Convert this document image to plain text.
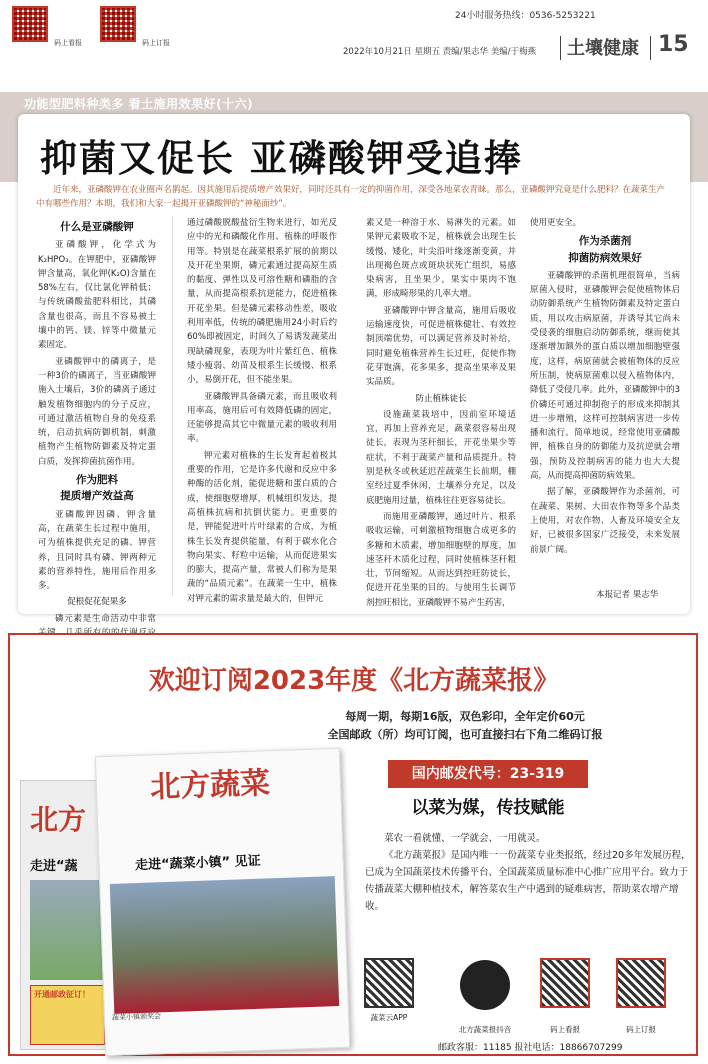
码上看报	码上订报
24小时服务热线：0536-5253221
2022年10月21日 星期五 责编/果志华 美编/于梅燕 土壤健康 15
功能型肥料种类多 看土施用效果好(十六)
抑菌又促长 亚磷酸钾受追捧
近年来，亚磷酸钾在农业圈声名鹊起。因其施用后提质增产效果好，同时还具有一定的抑菌作用，深受各地菜农青睐。那么，亚磷酸钾究竟是什么肥料？在蔬菜生产中有哪些作用？本期，我们和大家一起揭开亚磷酸钾的“神秘面纱”。
什么是亚磷酸钾

亚磷酸钾，化学式为K₂HPO₃。在钾肥中，亚磷酸钾钾含量高，氧化钾(K₂O)含量在58%左右，仅比氯化钾稍低；与传统磷酸盐肥料相比，其磷含量也很高，而且不容易被土壤中的钙、镁、锌等中微量元素固定。

亚磷酸钾中的磷离子，是一种3价的磷离子，当亚磷酸钾施入土壤后，3价的磷离子通过触发植物细胞内的分子反应，可通过激活植物自身的免疫系统，启动抗病防御机制，刺激植物产生植物防御素及特定蛋白质，发挥抑菌抗菌作用。

作为肥料
提质增产效益高

亚磷酸钾因磷、钾含量高，在蔬菜生长过程中施用，可为植株提供充足的磷、钾营养，且同时具有磷、钾两种元素的营养特性，施用后作用多多。

促根促花促果多

磷元素是生命活动中非常

通过磷酸脱酸盐衍生物来进行，如光反应中的光和磷酸化作用、植株的呼吸作用等。特别是在蔬菜根系扩展的前期以及开花坐果期，磷元素通过提高原生质的黏度、弹性以及可溶性糖和磷脂的含量，从而提高根系抗逆能力，促进植株开花坐果。但是磷元素移动性差，吸收利用率低，传统的磷肥施用24小时后约60%即被固定，时间久了易诱发蔬菜出现缺磷现象，表现为叶片紫红色、植株矮小瘦弱、幼苗及根系生长缓慢、根系小，易倒开花，但不能坐果。

亚磷酸钾具备磷元素，而且吸收利用率高，施用后可有效降低磷的固定，还能够提高其它中微量元素的吸收利用率。

钾元素对植株的生长发育起着极其重要的作用，它是许多代谢和反应中多种酶的活化剂，能促进糖和蛋白质的合成，使细胞壁增厚，机械组织发达，提高植株抗病和抗倒伏能力。更重要的是，钾能促进叶片叶绿素的合成，为植株生长发育提供能量，有利于碳水化合物向果实、籽粒中运输，从而促进果实的膨大，提高产量，常被人们称为是果蔬的“品质元素”。在蔬菜一生中，植株对钾元素的需求量是最大的，但钾元

素又是一种溶于水、易淋失的元素。如果钾元素吸收不足，植株就会出现生长缓慢、矮化，叶尖沿叶缘逐渐变黄，并出现褐色斑点或斑块状死亡组织，易感染病害，且坐果少，果实中果肉不饱满，形成畸形果的几率大增。

亚磷酸钾中钾含量高，施用后吸收运输速度快，可促进植株健壮、有效控制顶端优势，可以满足营养及时补给，同时避免植株营养生长过旺，促使作物花芽饱满，花多果多，提高坐果率及果实品质。

防止植株徒长

设施蔬菜栽培中，因前室环境适宜，再加上营养充足，蔬菜很容易出现徒长，表现为茎秆细长，开花坐果少等症状，不利于蔬菜产量和品质提升。特别是秋冬或秋延迟茬蔬菜生长前期，棚室经过夏季休闲，土壤养分充足，以及底肥施用过量，植株往往更容易徒长。

而施用亚磷酸钾，通过叶片、根系吸收运输，可刺激植物细胞合成更多的多糖和木质素，增加细胞壁的厚度，加速茎秆木质化过程，同时使植株茎秆粗壮，节间缩短。从而达到控旺防徒长，促进开花坐果的目的。与使用生长调节剂控旺相比，亚磷酸钾不易产生药害，

使用更安全。

作为杀菌剂
抑菌防病效果好

亚磷酸钾的杀菌机理很简单，当病原菌入侵时，亚磷酸钾会促使植物体启动防御系统产生植物防御素及特定蛋白质，用以攻击病原菌，并诱导其它尚未受侵袭的细胞启动防御系统，继而使其逐渐增加额外的蛋白质以增加细胞壁强度，这样，病原菌就会被植物体的反应所压制，使病原菌难以侵入植物体内，降低了受侵几率。此外，亚磷酸钾中的3价磷还可通过抑制孢子的形成来抑制其进一步增殖，这样可控制病害进一步传播和流行。简单地说，经常使用亚磷酸钾，植株自身的防御能力及抗逆就会增强，预防及控制病害的能力也大大提高，从而提高抑菌防病效果。

据了解，亚磷酸钾作为杀菌剂，可在蔬菜、果树、大田农作物等多个品类上使用，对农作物、人畜及环境安全友好，已被很多国家广泛接受，未来发展前景广阔。

本报记者 果志华
欢迎订阅2023年度《北方蔬菜报》
每周一期，每期16版，双色彩印，全年定价60元
全国邮政（所）均可订阅，也可直接扫右下角二维码订报
国内邮发代号：23-319
以菜为媒，传技赋能

菜农一看就懂、一学就会、一用就灵。

《北方蔬菜报》是国内唯一一份蔬菜专业类报纸，经过20多年发展历程，已成为全国蔬菜技术传播平台、全国蔬菜质量标准中心推广应用平台。致力于传播蔬菜大棚种植技术，解答菜农生产中遇到的疑难病害，帮助菜农增产增收。

北方
走进“蔬
开通邮政征订！
北方蔬菜
走进“蔬菜小镇” 见证
蔬菜小镇颁奖会	蔬菜云APP
北方蔬菜报抖音	码上看报	码上订报
邮政客服：11185 报社电话：18866707299
